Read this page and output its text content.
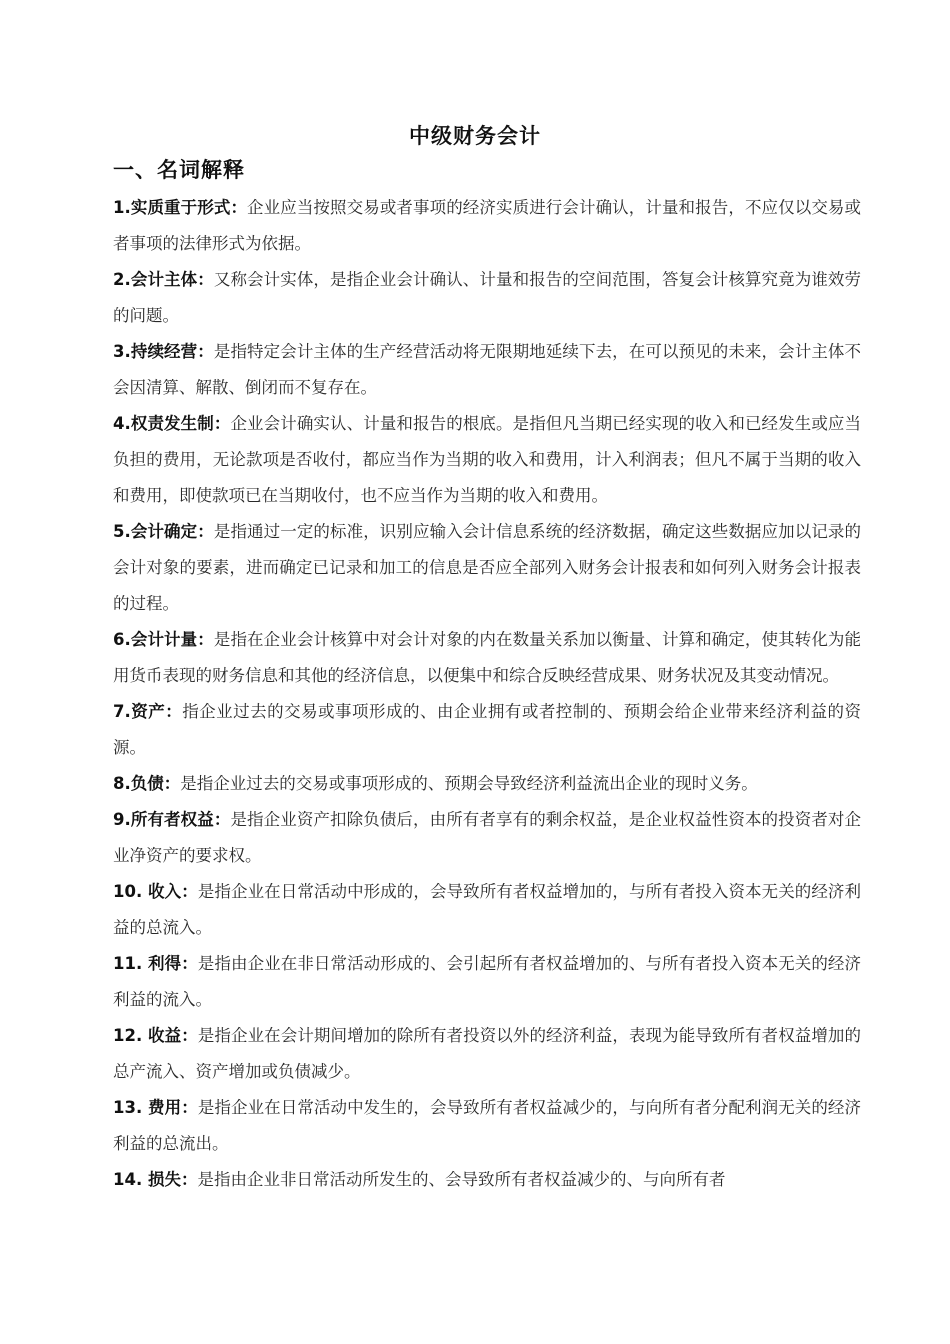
中级财务会计
一、名词解释

1.实质重于形式：企业应当按照交易或者事项的经济实质进行会计确认，计量和报告，不应仅以交易或者事项的法律形式为依据。

2.会计主体：又称会计实体，是指企业会计确认、计量和报告的空间范围，答复会计核算究竟为谁效劳的问题。

3.持续经营：是指特定会计主体的生产经营活动将无限期地延续下去，在可以预见的未来，会计主体不会因清算、解散、倒闭而不复存在。

4.权责发生制：企业会计确实认、计量和报告的根底。是指但凡当期已经实现的收入和已经发生或应当负担的费用，无论款项是否收付，都应当作为当期的收入和费用，计入利润表；但凡不属于当期的收入和费用，即使款项已在当期收付，也不应当作为当期的收入和费用。

5.会计确定：是指通过一定的标准，识别应输入会计信息系统的经济数据，确定这些数据应加以记录的会计对象的要素，进而确定已记录和加工的信息是否应全部列入财务会计报表和如何列入财务会计报表的过程。

6.会计计量：是指在企业会计核算中对会计对象的内在数量关系加以衡量、计算和确定，使其转化为能用货币表现的财务信息和其他的经济信息，以便集中和综合反映经营成果、财务状况及其变动情况。

7.资产：指企业过去的交易或事项形成的、由企业拥有或者控制的、预期会给企业带来经济利益的资源。

8.负债：是指企业过去的交易或事项形成的、预期会导致经济利益流出企业的现时义务。

9.所有者权益：是指企业资产扣除负债后，由所有者享有的剩余权益，是企业权益性资本的投资者对企业净资产的要求权。

10. 收入：是指企业在日常活动中形成的，会导致所有者权益增加的，与所有者投入资本无关的经济利益的总流入。

11. 利得：是指由企业在非日常活动形成的、会引起所有者权益增加的、与所有者投入资本无关的经济利益的流入。

12. 收益：是指企业在会计期间增加的除所有者投资以外的经济利益，表现为能导致所有者权益增加的总产流入、资产增加或负债减少。

13. 费用：是指企业在日常活动中发生的，会导致所有者权益减少的，与向所有者分配利润无关的经济利益的总流出。

14. 损失：是指由企业非日常活动所发生的、会导致所有者权益减少的、与向所有者
